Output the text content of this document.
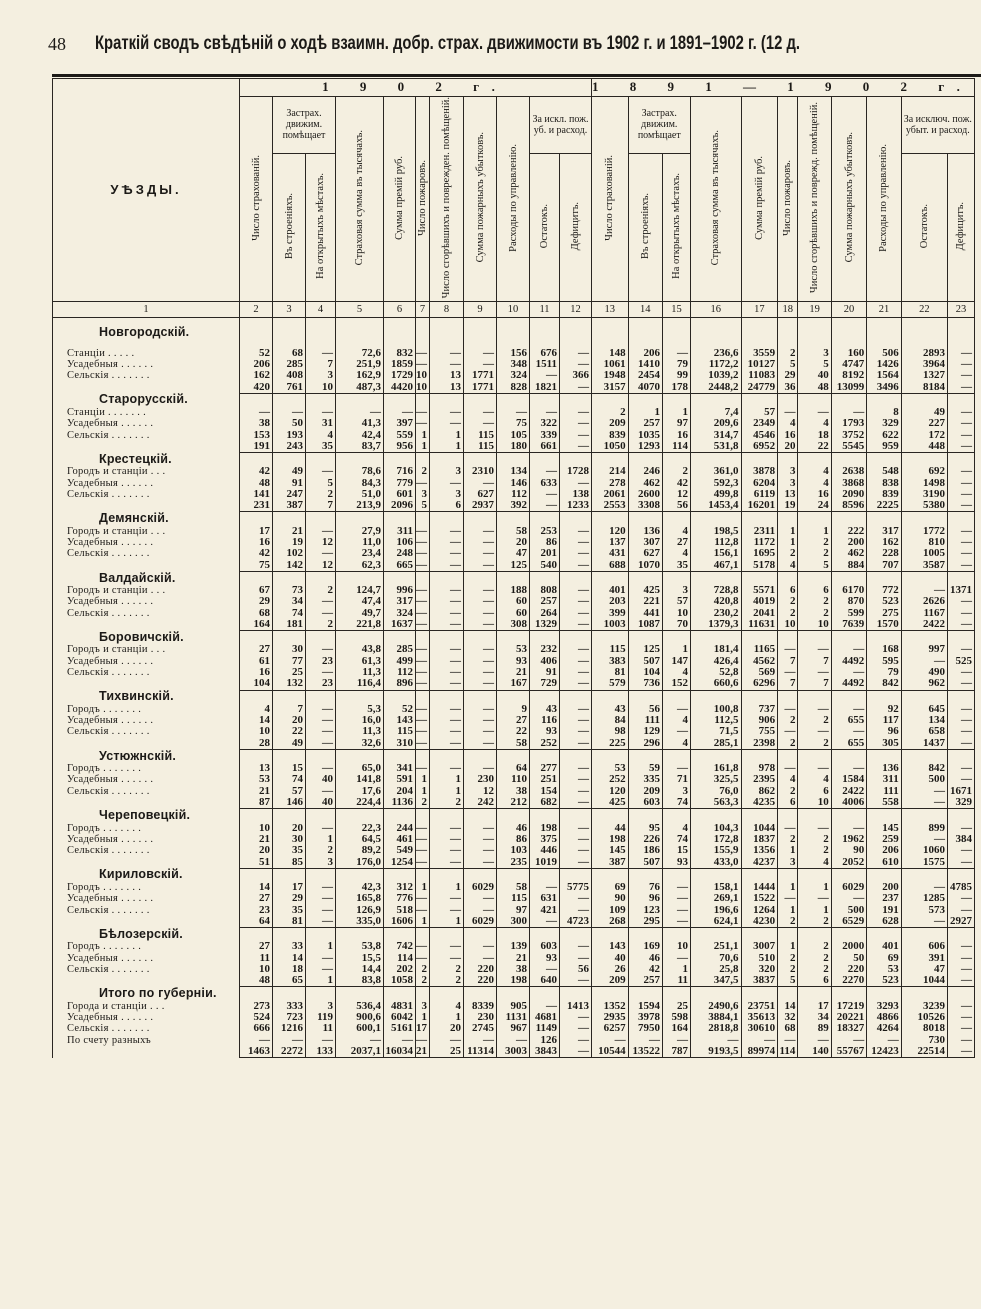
48 Краткій сводъ свѣдѣній о ходѣ взаимн. добр. страх. движимости въ 1902 г. и 1891–1902 г. (12 д.
УѢЗДЫ.	1 9 0 2 г.											1 8 9 1 — 1 9 0 2 г.										
	Число страхованій.	Застрах. движим. помѣщает		Страховая сумма въ тысячахъ.	Сумма премій руб.	Число пожаровъ.	Число сгорѣвшихъ и поврежден. помѣщеній.	Сумма пожарныхъ убытковъ.	Расходы по управленію.	За искл. пож. уб. и расход.		Число страхованій.	Застрах. движим. помѣщает		Страховая сумма въ тысячахъ.	Сумма премій руб.	Число пожаровъ.	Число сгорѣвшихъ и поврежд. помѣщеній.	Сумма пожарныхъ убытковъ.	Расходы по управленію.	За исключ. пож. убыт. и расход.	

		Въ строеніяхъ.	На открытыхъ мѣстахъ.							Остатокъ.	Дефицитъ.		Въ строеніяхъ.	На открытыхъ мѣстахъ.							Остатокъ.	Дефицитъ.
1	2	3	4	5	6	7	8	9	10	11	12	13	14	15	16	17	18	19	20	21	22	23

Новгородскій.																						

Станціи . . . . .	52	68	—	72,6	832	—	—	—	156	676	—	148	206	—	236,6	3559	2	3	160	506	2893	—
Усадебныя . . . . . .	206	285	7	251,9	1859	—	—	—	348	1511	—	1061	1410	79	1172,2	10127	5	5	4747	1426	3964	—
Сельскія . . . . . . .	162	408	3	162,9	1729	10	13	1771	324	—	366	1948	2454	99	1039,2	11083	29	40	8192	1564	1327	—
	420	761	10	487,3	4420	10	13	1771	828	1821	—	3157	4070	178	2448,2	24779	36	48	13099	3496	8184	—
Старорусскій.																						
Станціи . . . . . . .	—	—	—	—	—	—	—	—	—	—	—	2	1	1	7,4	57	—	—	—	8	49	—
Усадебныя . . . . . .	38	50	31	41,3	397	—	—	—	75	322	—	209	257	97	209,6	2349	4	4	1793	329	227	—
Сельскія . . . . . . .	153	193	4	42,4	559	1	1	115	105	339	—	839	1035	16	314,7	4546	16	18	3752	622	172	—
	191	243	35	83,7	956	1	1	115	180	661	—	1050	1293	114	531,8	6952	20	22	5545	959	448	—
Крестецкій.																						
Городъ и станціи . . .	42	49	—	78,6	716	2	3	2310	134	—	1728	214	246	2	361,0	3878	3	4	2638	548	692	—
Усадебныя . . . . . .	48	91	5	84,3	779	—	—	—	146	633	—	278	462	42	592,3	6204	3	4	3868	838	1498	—
Сельскія . . . . . . .	141	247	2	51,0	601	3	3	627	112	—	138	2061	2600	12	499,8	6119	13	16	2090	839	3190	—
	231	387	7	213,9	2096	5	6	2937	392	—	1233	2553	3308	56	1453,4	16201	19	24	8596	2225	5380	—
Демянскій.																						
Городъ и станціи . . .	17	21	—	27,9	311	—	—	—	58	253	—	120	136	4	198,5	2311	1	1	222	317	1772	—
Усадебныя . . . . . .	16	19	12	11,0	106	—	—	—	20	86	—	137	307	27	112,8	1172	1	2	200	162	810	—
Сельскія . . . . . . .	42	102	—	23,4	248	—	—	—	47	201	—	431	627	4	156,1	1695	2	2	462	228	1005	—
	75	142	12	62,3	665	—	—	—	125	540	—	688	1070	35	467,1	5178	4	5	884	707	3587	—
Валдайскій.																						
Городъ и станціи . . .	67	73	2	124,7	996	—	—	—	188	808	—	401	425	3	728,8	5571	6	6	6170	772	—	1371
Усадебныя . . . . . .	29	34	—	47,4	317	—	—	—	60	257	—	203	221	57	420,8	4019	2	2	870	523	2626	—
Сельскія . . . . . . .	68	74	—	49,7	324	—	—	—	60	264	—	399	441	10	230,2	2041	2	2	599	275	1167	—
	164	181	2	221,8	1637	—	—	—	308	1329	—	1003	1087	70	1379,3	11631	10	10	7639	1570	2422	—
Боровичскій.																						
Городъ и станціи . . .	27	30	—	43,8	285	—	—	—	53	232	—	115	125	1	181,4	1165	—	—	—	168	997	—
Усадебныя . . . . . .	61	77	23	61,3	499	—	—	—	93	406	—	383	507	147	426,4	4562	7	7	4492	595	—	525
Сельскія . . . . . . .	16	25	—	11,3	112	—	—	—	21	91	—	81	104	4	52,8	569	—	—	—	79	490	—
	104	132	23	116,4	896	—	—	—	167	729	—	579	736	152	660,6	6296	7	7	4492	842	962	—
Тихвинскій.																						
Городъ . . . . . . .	4	7	—	5,3	52	—	—	—	9	43	—	43	56	—	100,8	737	—	—	—	92	645	—
Усадебныя . . . . . .	14	20	—	16,0	143	—	—	—	27	116	—	84	111	4	112,5	906	2	2	655	117	134	—
Сельскія . . . . . . .	10	22	—	11,3	115	—	—	—	22	93	—	98	129	—	71,5	755	—	—	—	96	658	—
	28	49	—	32,6	310	—	—	—	58	252	—	225	296	4	285,1	2398	2	2	655	305	1437	—
Устюжнскій.																						
Городъ . . . . . . .	13	15	—	65,0	341	—	—	—	64	277	—	53	59	—	161,8	978	—	—	—	136	842	—
Усадебныя . . . . . .	53	74	40	141,8	591	1	1	230	110	251	—	252	335	71	325,5	2395	4	4	1584	311	500	—
Сельскія . . . . . . .	21	57	—	17,6	204	1	1	12	38	154	—	120	209	3	76,0	862	2	6	2422	111	—	1671
	87	146	40	224,4	1136	2	2	242	212	682	—	425	603	74	563,3	4235	6	10	4006	558	—	329
Череповецкій.																						
Городъ . . . . . . .	10	20	—	22,3	244	—	—	—	46	198	—	44	95	4	104,3	1044	—	—	—	145	899	—
Усадебныя . . . . . .	21	30	1	64,5	461	—	—	—	86	375	—	198	226	74	172,8	1837	2	2	1962	259	—	384
Сельскія . . . . . . .	20	35	2	89,2	549	—	—	—	103	446	—	145	186	15	155,9	1356	1	2	90	206	1060	—
	51	85	3	176,0	1254	—	—	—	235	1019	—	387	507	93	433,0	4237	3	4	2052	610	1575	—
Кириловскій.																						
Городъ . . . . . . .	14	17	—	42,3	312	1	1	6029	58	—	5775	69	76	—	158,1	1444	1	1	6029	200	—	4785
Усадебныя . . . . . .	27	29	—	165,8	776	—	—	—	115	631	—	90	96	—	269,1	1522	—	—	—	237	1285	—
Сельскія . . . . . . .	23	35	—	126,9	518	—	—	—	97	421	—	109	123	—	196,6	1264	1	1	500	191	573	—
	64	81	—	335,0	1606	1	1	6029	300	—	4723	268	295	—	624,1	4230	2	2	6529	628	—	2927
Бѣлозерскій.																						
Городъ . . . . . . .	27	33	1	53,8	742	—	—	—	139	603	—	143	169	10	251,1	3007	1	2	2000	401	606	—
Усадебныя . . . . . .	11	14	—	15,5	114	—	—	—	21	93	—	40	46	—	70,6	510	2	2	50	69	391	—
Сельскія . . . . . . .	10	18	—	14,4	202	2	2	220	38	—	56	26	42	1	25,8	320	2	2	220	53	47	—
	48	65	1	83,8	1058	2	2	220	198	640	—	209	257	11	347,5	3837	5	6	2270	523	1044	—
Итого по губерніи.																						
Города и станціи . . .	273	333	3	536,4	4831	3	4	8339	905	—	1413	1352	1594	25	2490,6	23751	14	17	17219	3293	3239	—
Усадебныя . . . . . .	524	723	119	900,6	6042	1	1	230	1131	4681	—	2935	3978	598	3884,1	35613	32	34	20221	4866	10526	—
Сельскія . . . . . . .	666	1216	11	600,1	5161	17	20	2745	967	1149	—	6257	7950	164	2818,8	30610	68	89	18327	4264	8018	—
По счету разныхъ	—	—	—	—	—	—	—	—	—	126	—	—	—	—	—	—	—	—	—	—	730	—
	1463	2272	133	2037,1	16034	21	25	11314	3003	3843	—	10544	13522	787	9193,5	89974	114	140	55767	12423	22514	—
